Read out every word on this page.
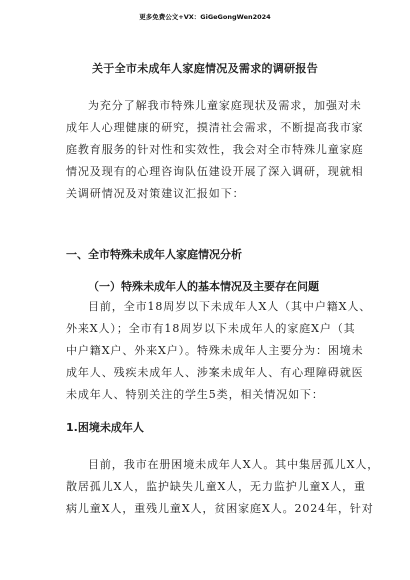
更多免费公文+VX：GiGeGongWen2024
关于全市未成年人家庭情况及需求的调研报告

为充分了解我市特殊儿童家庭现状及需求，加强对未
成年人心理健康的研究，摸清社会需求，不断提高我市家
庭教育服务的针对性和实效性，我会对全市特殊儿童家庭
情况及现有的心理咨询队伍建设开展了深入调研，现就相
关调研情况及对策建议汇报如下：

一、全市特殊未成年人家庭情况分析
（一）特殊未成年人的基本情况及主要存在问题

目前，全市18周岁以下未成年人X人（其中户籍X人、
外来X人）；全市有18周岁以下未成年人的家庭X户（其
中户籍X户、外来X户）。特殊未成年人主要分为：困境未
成年人、残疾未成年人、涉案未成年人、有心理障碍就医
未成年人、特别关注的学生5类，相关情况如下：

1.困境未成年人

目前，我市在册困境未成年人X人。其中集居孤儿X人，
散居孤儿X人，监护缺失儿童X人，无力监护儿童X人，重
病儿童X人，重残儿童X人，贫困家庭X人。2024年，针对
